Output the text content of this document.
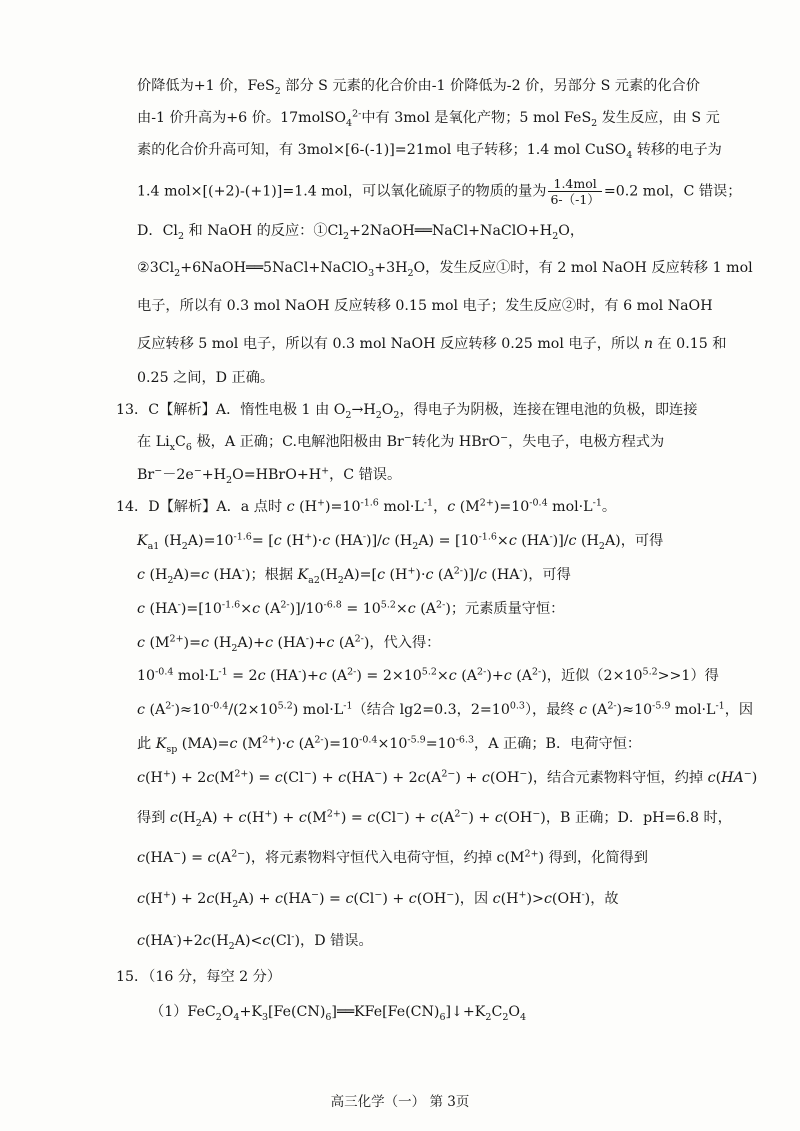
价降低为+1 价，FeS$_2$ 部分 S 元素的化合价由-1 价降低为-2 价，另部分 S 元素的化合价
由-1 价升高为+6 价。17molSO$_4^{2-}$中有 3mol 是氧化产物；5 mol FeS$_2$ 发生反应，由 S 元
素的化合价升高可知，有 3mol×[6-(-1)]=21mol 电子转移；1.4 mol CuSO$_4$ 转移的电子为
1.4 mol×[(+2)-(+1)]=1.4 mol，可以氧化硫原子的物质的量为 $\frac{\text{1.4mol}}{6-(-1)} =0.2$ mol，C 错误；
D．$Cl_2$ 和 NaOH 的反应：$①Cl_2+2NaOH══NaCl+NaClO+H_2O$，
$②3Cl_2+6NaOH══5NaCl+NaClO_3+3H_2O$，发生反应①时，有 2 mol NaOH 反应转移 1 mol
电子，所以有 0.3 mol NaOH 反应转移 0.15 mol 电子；发生反应②时，有 6 mol NaOH
反应转移 5 mol 电子，所以有 0.3 mol NaOH 反应转移 0.25 mol 电子，所以 n 在 0.15 和
0.25 之间，D 正确。
13．C【解析】A．惰性电极 1 由 $O_2\to H_2O_2$，得电子为阴极，连接在锂电池的负极，即连接
在 $Li_xC_6$ 极，A 正确；C.电解池阳极由 Br−转化为 HBrO−，失电子，电极方程式为
$Br^--2e^-+H_2O=HBrO+H^+$，C 错误。
14．D【解析】A．a 点时 c $(H^+)=10^{-1.6}$ $mol\cdot L^{-1}$，c $(M^{2+})=10^{-0.4}$ $mol\cdot L^{-1}$。
$K_{a1}$ $(H_2A)=10^{-1.6}= [c$ (H+)·c (HA-)]/c $(H_2A) = [10^{-1.6}\times c$ (HA-)]/c $(H_2A)$，可得
c $(H_2A)=c$ (HA-)；根据 $K_{a2}(H_2A)=[c$ (H+)·c $(A^{2-})]/c$ (HA-)，可得
c $(HA^-)=[10^{-1.6}\times c$ $(A^{2-})]/10^{-6.8} = 10^{5.2}\times c$ $(A^{2-})$；元素质量守恒：
c $(M^{2+})=c$ $(H_2A)+c$ (HA-)+c $(A^{2-})$，代入得：
$10^{-0.4}$ $mol\cdot L^{-1} = 2c$ (HA-)+c $(A^{2-}) = 2\times 10^{5.2}\times c$ $(A^{2-})+c$ $(A^{2-})$，近似$(2\times 10^{5.2}>>1)$得
c $(A^{2-})\approx 10^{-0.4}/(2\times 10^{5.2})$ $mol\cdot L^{-1}$（结合 lg2=0.3，$2=10^{0.3}$），最终 c $(A^{2-})\approx 10^{-5.9}$ $mol\cdot L^{-1}$，因
此 $K_{sp}$ (MA)=c $(M^{2+})\cdot c$ $(A^{2-})=10^{-0.4}\times 10^{-5.9}=10^{-6.3}$，A 正确；B．电荷守恒：
$c(H^+) + 2c(M^{2+}) = c(Cl^-) + c(HA^-) + 2c(A^{2-}) + c(OH^-)$，结合元素物料守恒，约掉 c(HA−)
得到 $c(H_2A) + c(H^+) + c(M^{2+}) = c(Cl^-) + c(A^{2-}) + c(OH^-)$，B 正确；D．pH=6.8 时，
$c(HA^-) = c(A^{2-})$，将元素物料守恒代入电荷守恒，约掉 $c(M^{2+})$ 得到，化简得到
$c(H^+) + 2c(H_2A) + c(HA^-) = c(Cl^-) + c(OH^-)$，因 c(H+)>c(OH-)，故
$c(HA^-)+2c(H_2A)<c(Cl^-)$，D 错误。
15．（16 分，每空 2 分）
$(1)FeC_2O_4+K_3[Fe(CN)_6]══KFe[Fe(CN)_6]↓+K_2C_2O_4$
高三化学（一） 第 3页
